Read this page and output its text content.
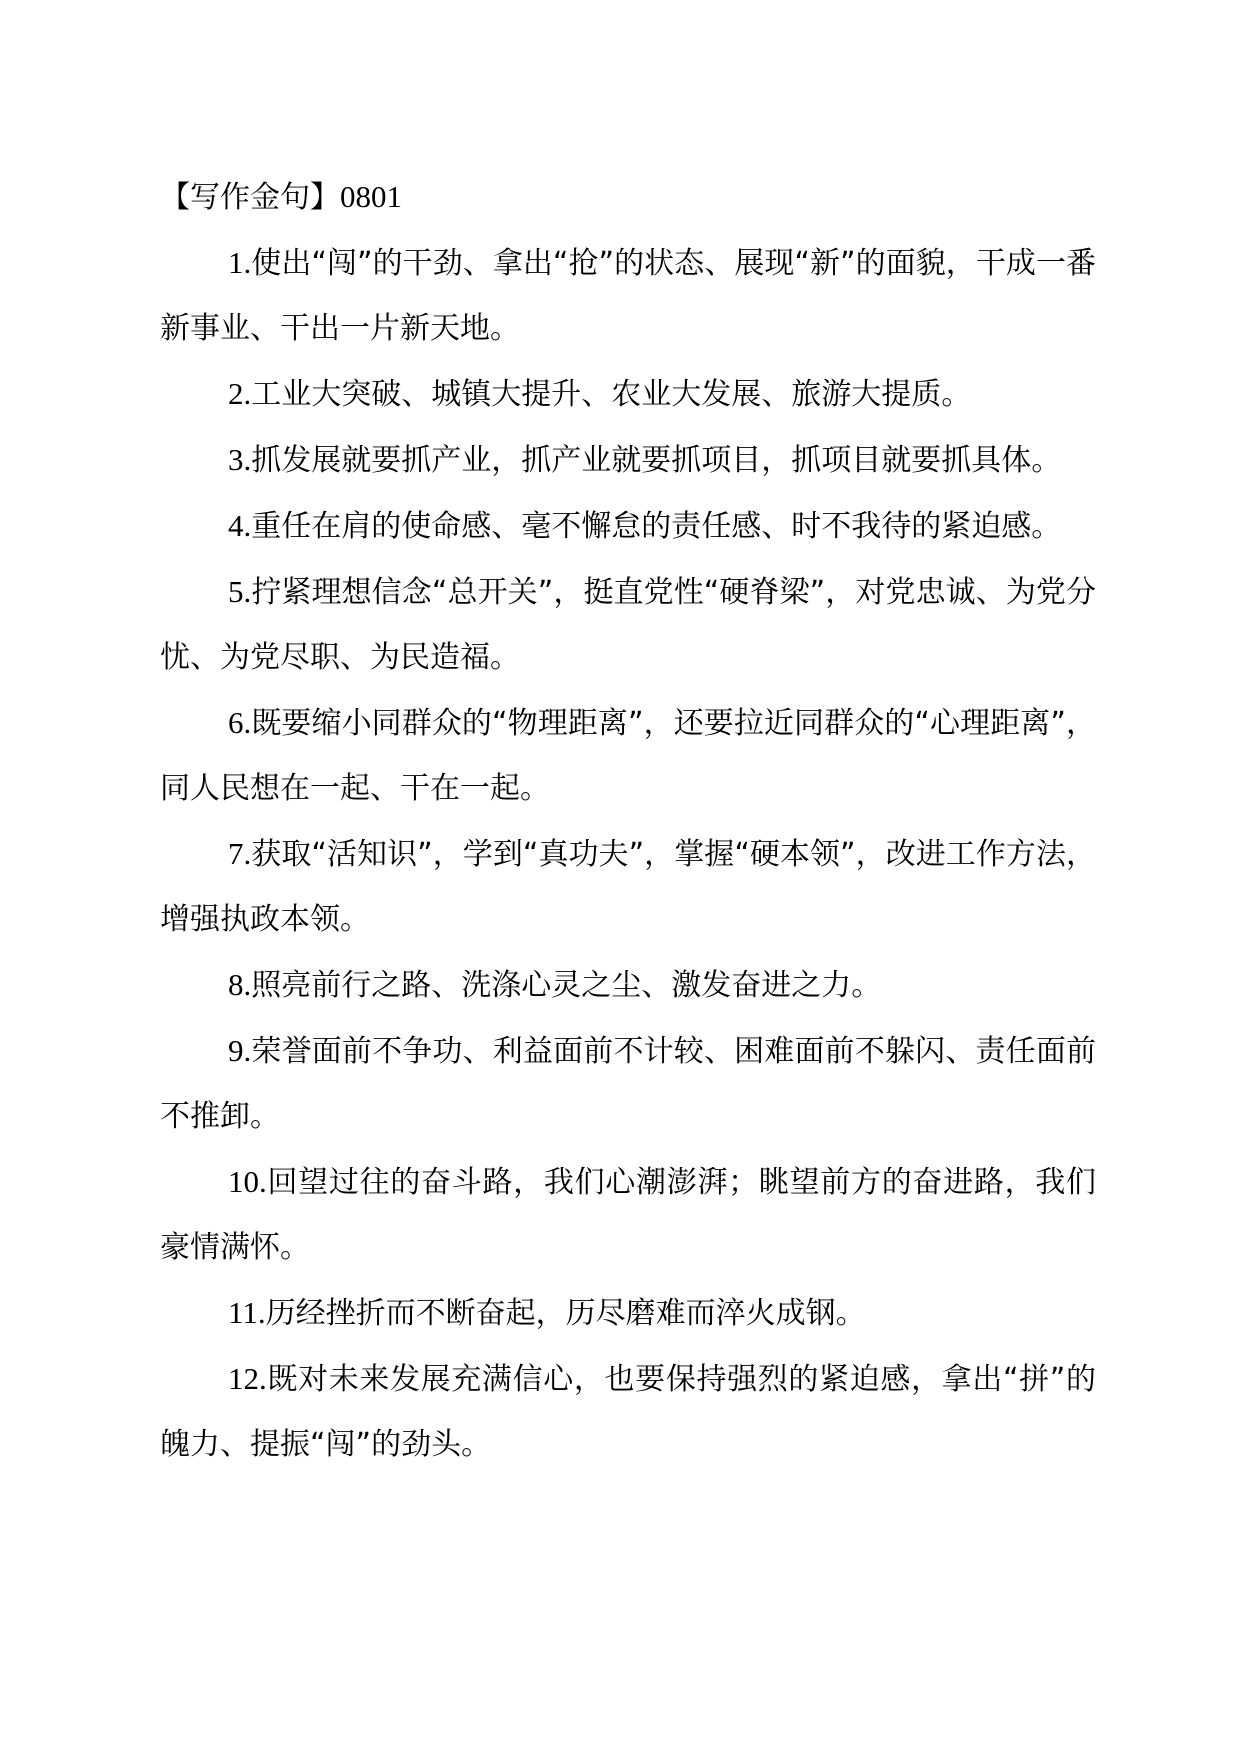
【写作金句】0801

1.使出“闯”的干劲、拿出“抢”的状态、展现“新”的面貌，干成一番新事业、干出一片新天地。

2.工业大突破、城镇大提升、农业大发展、旅游大提质。

3.抓发展就要抓产业，抓产业就要抓项目，抓项目就要抓具体。

4.重任在肩的使命感、毫不懈怠的责任感、时不我待的紧迫感。

5.拧紧理想信念“总开关”，挺直党性“硬脊梁”，对党忠诚、为党分忧、为党尽职、为民造福。

6.既要缩小同群众的“物理距离”，还要拉近同群众的“心理距离”，同人民想在一起、干在一起。

7.获取“活知识”，学到“真功夫”，掌握“硬本领”，改进工作方法，增强执政本领。

8.照亮前行之路、洗涤心灵之尘、激发奋进之力。

9.荣誉面前不争功、利益面前不计较、困难面前不躲闪、责任面前不推卸。

10.回望过往的奋斗路，我们心潮澎湃；眺望前方的奋进路，我们豪情满怀。

11.历经挫折而不断奋起，历尽磨难而淬火成钢。

12.既对未来发展充满信心，也要保持强烈的紧迫感，拿出“拼”的魄力、提振“闯”的劲头。
